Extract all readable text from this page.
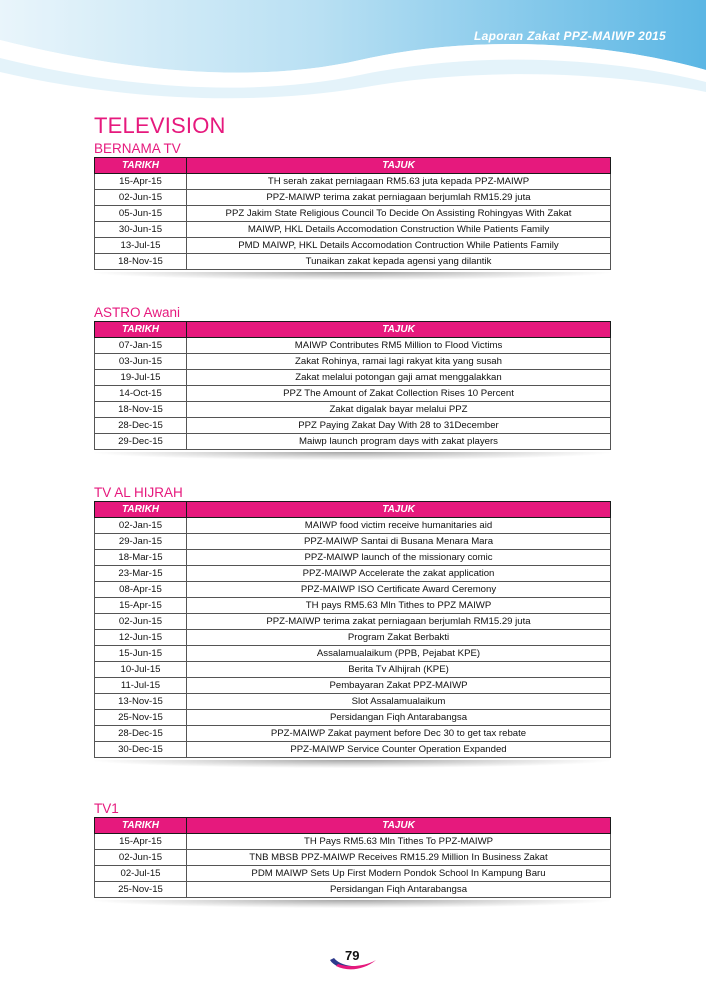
Laporan Zakat PPZ-MAIWP 2015
TELEVISION
BERNAMA TV
TARIKH	TAJUK
15-Apr-15	TH serah zakat perniagaan RM5.63 juta kepada PPZ-MAIWP
02-Jun-15	PPZ-MAIWP terima zakat perniagaan berjumlah RM15.29 juta
05-Jun-15	PPZ Jakim State Religious Council To Decide On Assisting Rohingyas With Zakat
30-Jun-15	MAIWP, HKL Details Accomodation Construction While Patients Family
13-Jul-15	PMD MAIWP, HKL Details Accomodation Contruction While Patients Family
18-Nov-15	Tunaikan zakat kepada agensi yang dilantik
ASTRO Awani
TARIKH	TAJUK
07-Jan-15	MAIWP Contributes RM5 Million to Flood Victims
03-Jun-15	Zakat Rohinya, ramai lagi rakyat kita yang susah
19-Jul-15	Zakat melalui potongan gaji amat menggalakkan
14-Oct-15	PPZ The Amount of Zakat Collection Rises 10 Percent
18-Nov-15	Zakat digalak bayar melalui PPZ
28-Dec-15	PPZ Paying Zakat Day With 28 to 31December
29-Dec-15	Maiwp launch program days with zakat players
TV AL HIJRAH
TARIKH	TAJUK
02-Jan-15	MAIWP food victim receive humanitaries aid
29-Jan-15	PPZ-MAIWP Santai di Busana Menara Mara
18-Mar-15	PPZ-MAIWP launch of the missionary comic
23-Mar-15	PPZ-MAIWP Accelerate the zakat application
08-Apr-15	PPZ-MAIWP ISO Certificate Award Ceremony
15-Apr-15	TH pays RM5.63 Mln Tithes to PPZ MAIWP
02-Jun-15	PPZ-MAIWP terima zakat perniagaan berjumlah RM15.29 juta
12-Jun-15	Program Zakat Berbakti
15-Jun-15	Assalamualaikum (PPB, Pejabat KPE)
10-Jul-15	Berita Tv Alhijrah (KPE)
11-Jul-15	Pembayaran Zakat PPZ-MAIWP
13-Nov-15	Slot Assalamualaikum
25-Nov-15	Persidangan Fiqh Antarabangsa
28-Dec-15	PPZ-MAIWP Zakat payment before Dec 30 to get tax rebate
30-Dec-15	PPZ-MAIWP Service Counter Operation Expanded
TV1
TARIKH	TAJUK
15-Apr-15	TH Pays RM5.63 Mln Tithes To PPZ-MAIWP
02-Jun-15	TNB MBSB PPZ-MAIWP Receives RM15.29 Million In Business Zakat
02-Jul-15	PDM MAIWP Sets Up First Modern Pondok School In Kampung Baru
25-Nov-15	Persidangan Fiqh Antarabangsa
79
